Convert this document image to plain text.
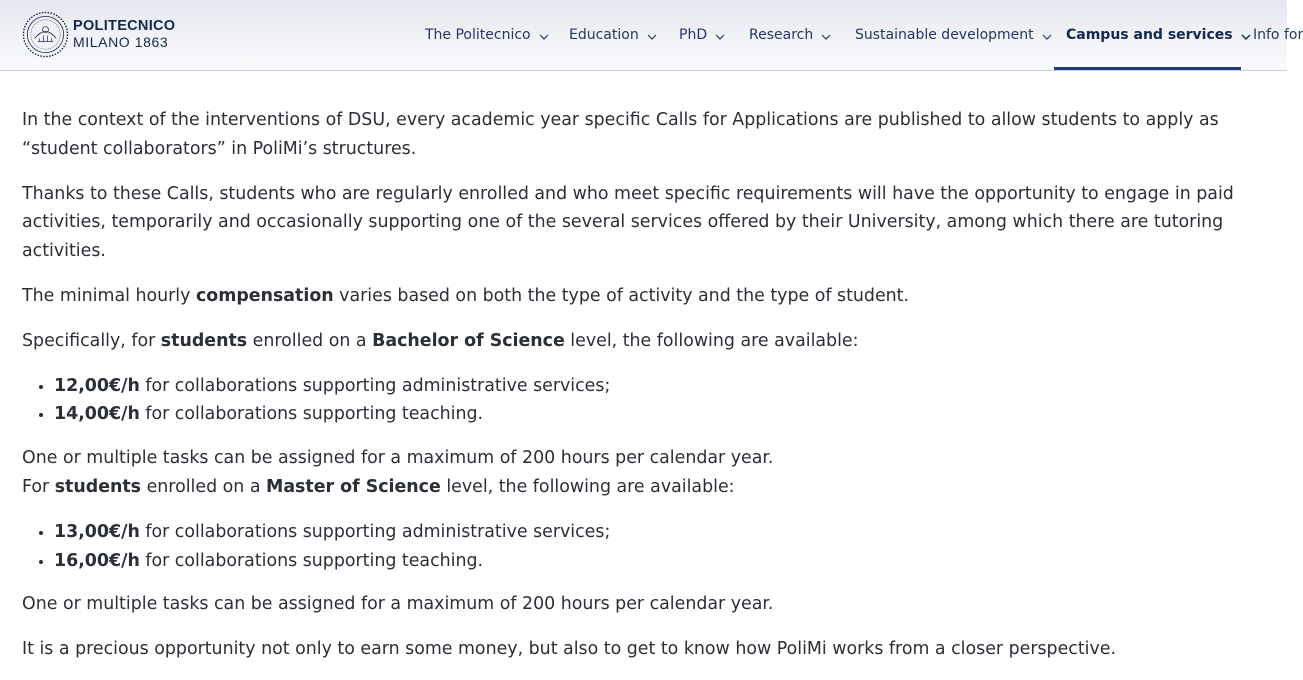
POLITECNICO
MILANO 1863	The Politecnico	Education	PhD	Research	Sustainable development Campus and services Info for

In the context of the interventions of DSU, every academic year specific Calls for Applications are published to allow students to apply as “student collaborators” in PoliMi’s structures.

Thanks to these Calls, students who are regularly enrolled and who meet specific requirements will have the opportunity to engage in paid activities, temporarily and occasionally supporting one of the several services offered by their University, among which there are tutoring activities.

The minimal hourly compensation varies based on both the type of activity and the type of student.

Specifically, for students enrolled on a Bachelor of Science level, the following are available:

• 12,00€/h for collaborations supporting administrative services;
• 14,00€/h for collaborations supporting teaching.

One or multiple tasks can be assigned for a maximum of 200 hours per calendar year.
For students enrolled on a Master of Science level, the following are available:

• 13,00€/h for collaborations supporting administrative services;
• 16,00€/h for collaborations supporting teaching.

One or multiple tasks can be assigned for a maximum of 200 hours per calendar year.

It is a precious opportunity not only to earn some money, but also to get to know how PoliMi works from a closer perspective.
